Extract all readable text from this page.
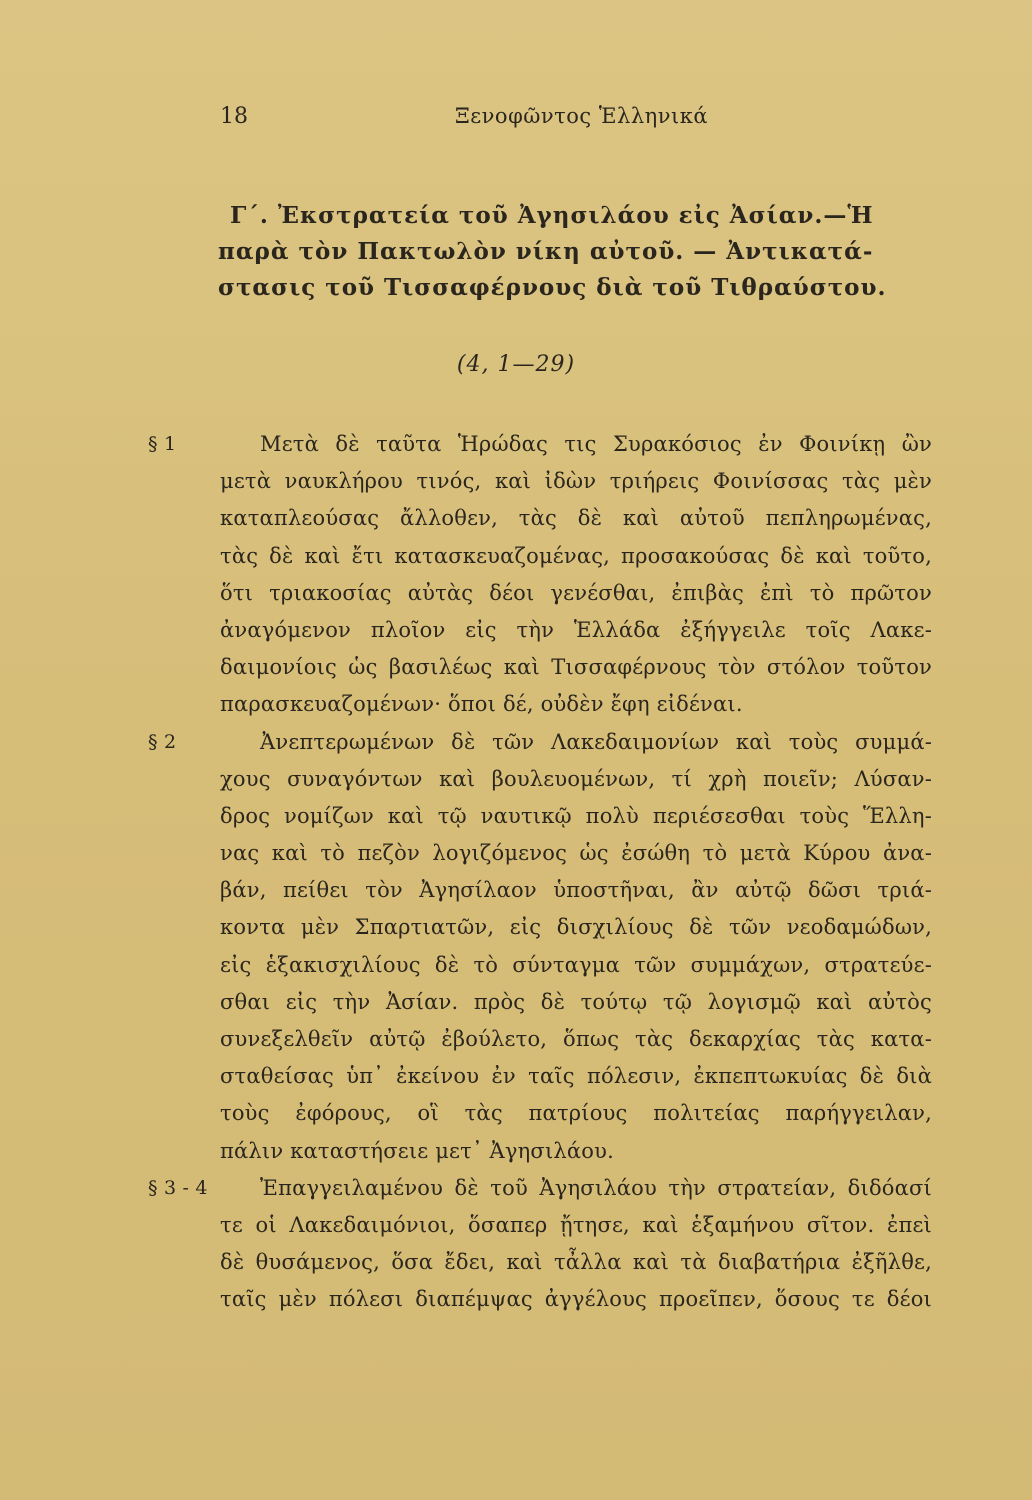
18	Ξενοφῶντος Ἑλληνικά
Γ΄. Ἐκστρατεία τοῦ Ἀγησιλάου εἰς Ἀσίαν.—Ἡ
παρὰ τὸν Πακτωλὸν νίκη αὐτοῦ. — Ἀντικατά-
στασις τοῦ Τισσαφέρνους διὰ τοῦ Τιθραύστου.
(4, 1—29)
§ 1	Μετὰ δὲ ταῦτα Ἡρώδας τις Συρακόσιος ἐν Φοινίκῃ ὢν
μετὰ ναυκλήρου τινός, καὶ ἰδὼν τριήρεις Φοινίσσας τὰς μὲν
καταπλεούσας ἄλλοθεν, τὰς δὲ καὶ αὐτοῦ πεπληρωμένας,
τὰς δὲ καὶ ἔτι κατασκευαζομένας, προσακούσας δὲ καὶ τοῦτο,
ὅτι τριακοσίας αὐτὰς δέοι γενέσθαι, ἐπιβὰς ἐπὶ τὸ πρῶτον
ἀναγόμενον πλοῖον εἰς τὴν Ἑλλάδα ἐξήγγειλε τοῖς Λακε-
δαιμονίοις ὡς βασιλέως καὶ Τισσαφέρνους τὸν στόλον τοῦτον
παρασκευαζομένων· ὅποι δέ, οὐδὲν ἔφη εἰδέναι.
§ 2	Ἀνεπτερωμένων δὲ τῶν Λακεδαιμονίων καὶ τοὺς συμμά-
χους συναγόντων καὶ βουλευομένων, τί χρὴ ποιεῖν; Λύσαν-
δρος νομίζων καὶ τῷ ναυτικῷ πολὺ περιέσεσθαι τοὺς Ἕλλη-
νας καὶ τὸ πεζὸν λογιζόμενος ὡς ἐσώθη τὸ μετὰ Κύρου ἀνα-
βάν, πείθει τὸν Ἀγησίλαον ὑποστῆναι, ἂν αὐτῷ δῶσι τριά-
κοντα μὲν Σπαρτιατῶν, εἰς δισχιλίους δὲ τῶν νεοδαμώδων,
εἰς ἑξακισχιλίους δὲ τὸ σύνταγμα τῶν συμμάχων, στρατεύε-
σθαι εἰς τὴν Ἀσίαν. πρὸς δὲ τούτῳ τῷ λογισμῷ καὶ αὐτὸς
συνεξελθεῖν αὐτῷ ἐβούλετο, ὅπως τὰς δεκαρχίας τὰς κατα-
σταθείσας ὑπ᾽ ἐκείνου ἐν ταῖς πόλεσιν, ἐκπεπτωκυίας δὲ διὰ
τοὺς ἐφόρους, οἳ τὰς πατρίους πολιτείας παρήγγειλαν,
πάλιν καταστήσειε μετ᾽ Ἀγησιλάου.
§ 3 - 4 Ἐπαγγειλαμένου δὲ τοῦ Ἀγησιλάου τὴν στρατείαν, διδόασί
τε οἱ Λακεδαιμόνιοι, ὅσαπερ ᾔτησε, καὶ ἑξαμήνου σῖτον. ἐπεὶ
δὲ θυσάμενος, ὅσα ἔδει, καὶ τἆλλα καὶ τὰ διαβατήρια ἐξῆλθε,
ταῖς μὲν πόλεσι διαπέμψας ἀγγέλους προεῖπεν, ὅσους τε δέοι
